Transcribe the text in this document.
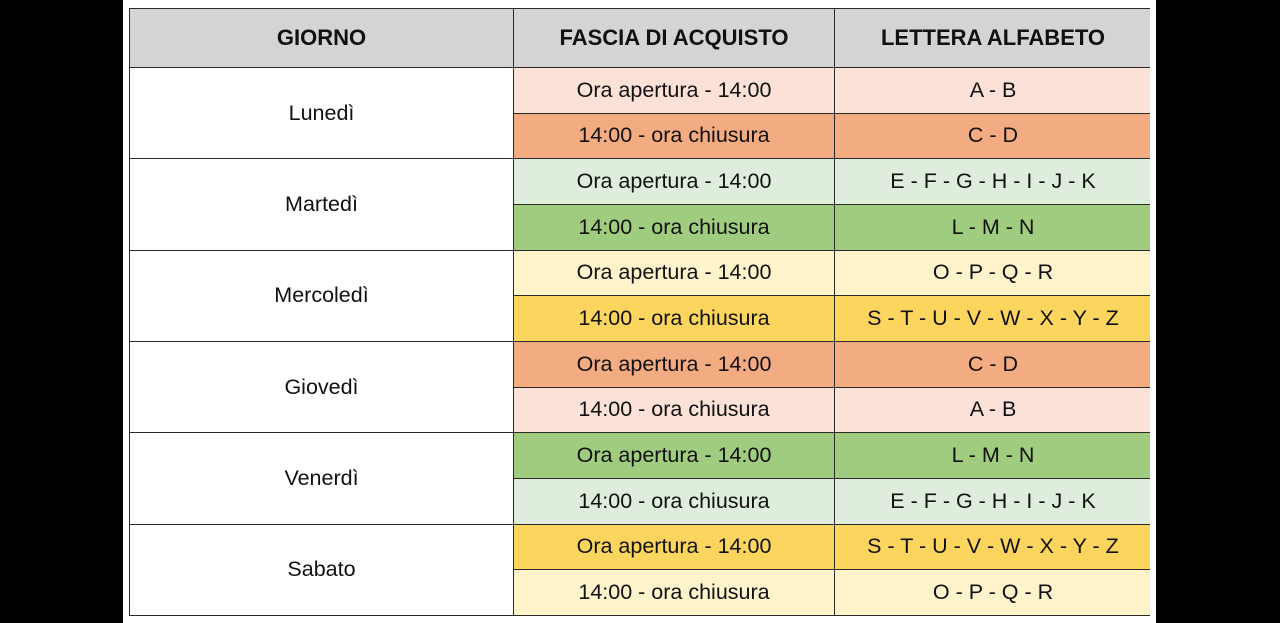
GIORNO	FASCIA DI ACQUISTO	LETTERA ALFABETO
Lunedì	Ora apertura - 14:00	A - B
	14:00 - ora chiusura	C - D
Martedì	Ora apertura - 14:00	E - F - G - H - I - J - K
	14:00 - ora chiusura	L - M - N
Mercoledì	Ora apertura - 14:00	O - P - Q - R
	14:00 - ora chiusura	S - T - U - V - W - X - Y - Z
Giovedì	Ora apertura - 14:00	C - D
	14:00 - ora chiusura	A - B
Venerdì	Ora apertura - 14:00	L - M - N
	14:00 - ora chiusura	E - F - G - H - I - J - K
Sabato	Ora apertura - 14:00	S - T - U - V - W - X - Y - Z
	14:00 - ora chiusura	O - P - Q - R
